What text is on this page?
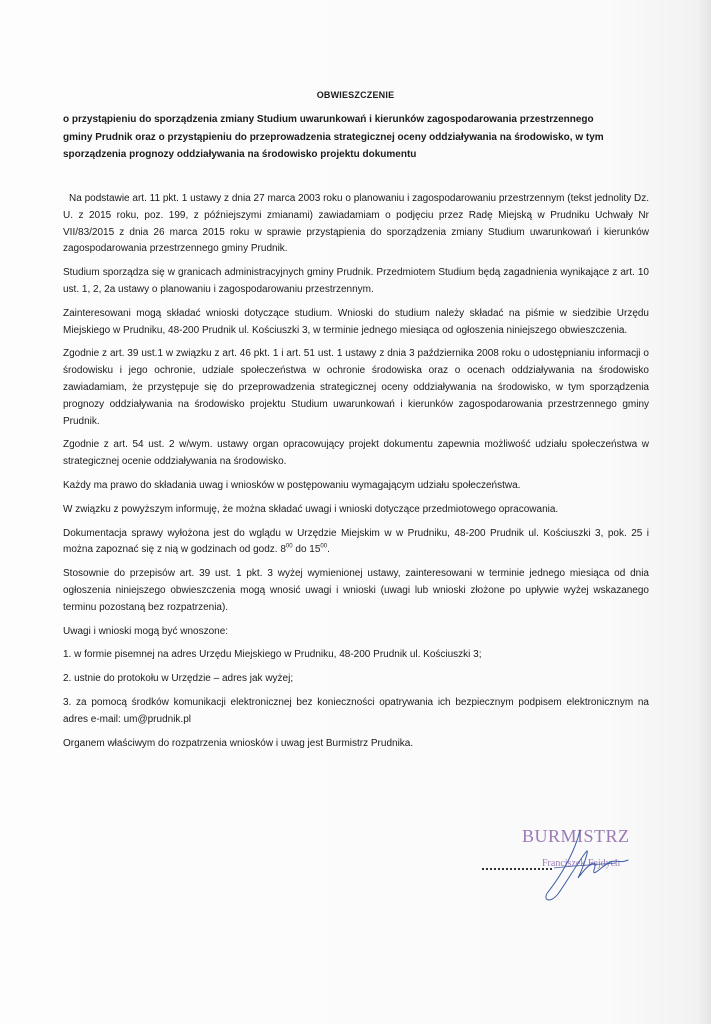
OBWIESZCZENIE

o przystąpieniu do sporządzenia zmiany Studium uwarunkowań i kierunków zagospodarowania przestrzennego gminy Prudnik oraz o przystąpieniu do przeprowadzenia strategicznej oceny oddziaływania na środowisko, w tym sporządzenia prognozy oddziaływania na środowisko projektu dokumentu

Na podstawie art. 11 pkt. 1 ustawy z dnia 27 marca 2003 roku o planowaniu i zagospodarowaniu przestrzennym (tekst jednolity Dz. U. z 2015 roku, poz. 199, z późniejszymi zmianami) zawiadamiam o podjęciu przez Radę Miejską w Prudniku Uchwały Nr VII/83/2015 z dnia 26 marca 2015 roku w sprawie przystąpienia do sporządzenia zmiany Studium uwarunkowań i kierunków zagospodarowania przestrzennego gminy Prudnik.

Studium sporządza się w granicach administracyjnych gminy Prudnik. Przedmiotem Studium będą zagadnienia wynikające z art. 10 ust. 1, 2, 2a ustawy o planowaniu i zagospodarowaniu przestrzennym.

Zainteresowani mogą składać wnioski dotyczące studium. Wnioski do studium należy składać na piśmie w siedzibie Urzędu Miejskiego w Prudniku, 48-200 Prudnik ul. Kościuszki 3, w terminie jednego miesiąca od ogłoszenia niniejszego obwieszczenia.

Zgodnie z art. 39 ust.1 w związku z art. 46 pkt. 1 i art. 51 ust. 1 ustawy z dnia 3 października 2008 roku o udostępnianiu informacji o środowisku i jego ochronie, udziale społeczeństwa w ochronie środowiska oraz o ocenach oddziaływania na środowisko zawiadamiam, że przystępuje się do przeprowadzenia strategicznej oceny oddziaływania na środowisko, w tym sporządzenia prognozy oddziaływania na środowisko projektu Studium uwarunkowań i kierunków zagospodarowania przestrzennego gminy Prudnik.

Zgodnie z art. 54 ust. 2 w/wym. ustawy organ opracowujący projekt dokumentu zapewnia możliwość udziału społeczeństwa w strategicznej ocenie oddziaływania na środowisko.

Każdy ma prawo do składania uwag i wniosków w postępowaniu wymagającym udziału społeczeństwa.

W związku z powyższym informuję, że można składać uwagi i wnioski dotyczące przedmiotowego opracowania.

Dokumentacja sprawy wyłożona jest do wglądu w Urzędzie Miejskim w w Prudniku, 48-200 Prudnik ul. Kościuszki 3, pok. 25 i można zapoznać się z nią w godzinach od godz. $8^{00}$ do $15^{00}$.

Stosownie do przepisów art. 39 ust. 1 pkt. 3 wyżej wymienionej ustawy, zainteresowani w terminie jednego miesiąca od dnia ogłoszenia niniejszego obwieszczenia mogą wnosić uwagi i wnioski (uwagi lub wnioski złożone po upływie wyżej wskazanego terminu pozostaną bez rozpatrzenia).

Uwagi i wnioski mogą być wnoszone:

1. w formie pisemnej na adres Urzędu Miejskiego w Prudniku, 48-200 Prudnik ul. Kościuszki 3;

2. ustnie do protokołu w Urzędzie – adres jak wyżej;

3. za pomocą środków komunikacji elektronicznej bez konieczności opatrywania ich bezpiecznym podpisem elektronicznym na adres e-mail: um@prudnik.pl

Organem właściwym do rozpatrzenia wniosków i uwag jest Burmistrz Prudnika.

BURMISTRZ
Franciszek Fejdych
